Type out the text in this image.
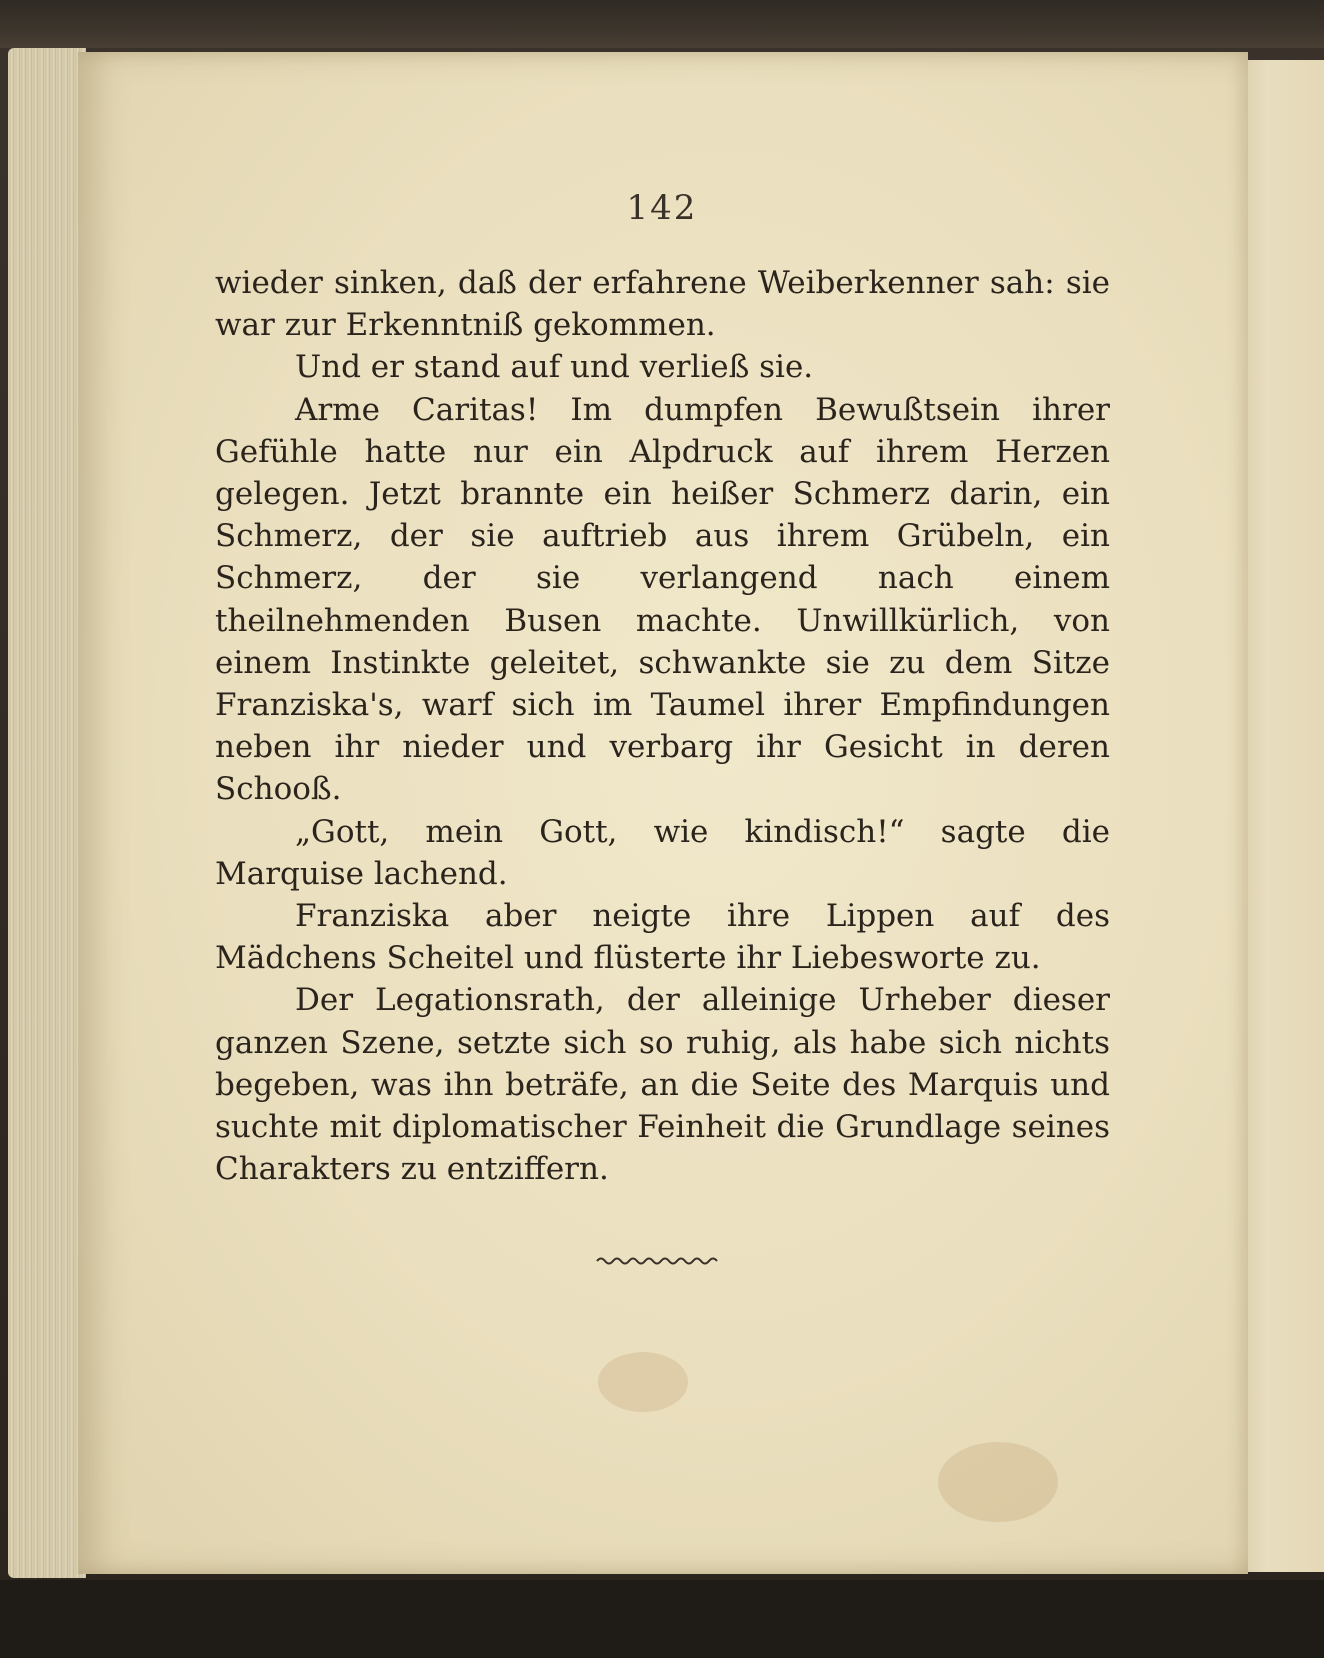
142

wieder sinken, daß der erfahrene Weiberkenner sah: sie war zur Erkenntniß gekommen.

Und er stand auf und verließ sie.

Arme Caritas! Im dumpfen Bewußtsein ihrer Gefühle hatte nur ein Alpdruck auf ihrem Herzen gelegen. Jetzt brannte ein heißer Schmerz darin, ein Schmerz, der sie auftrieb aus ihrem Grübeln, ein Schmerz, der sie verlangend nach einem theilnehmenden Busen machte. Unwillkürlich, von einem Instinkte geleitet, schwankte sie zu dem Sitze Franziska's, warf sich im Taumel ihrer Empfindungen neben ihr nieder und verbarg ihr Gesicht in deren Schooß.

„Gott, mein Gott, wie kindisch!“ sagte die Marquise lachend.

Franziska aber neigte ihre Lippen auf des Mädchens Scheitel und flüsterte ihr Liebesworte zu.

Der Legationsrath, der alleinige Urheber dieser ganzen Szene, setzte sich so ruhig, als habe sich nichts begeben, was ihn beträfe, an die Seite des Marquis und suchte mit diplomatischer Feinheit die Grundlage seines Charakters zu entziffern.
